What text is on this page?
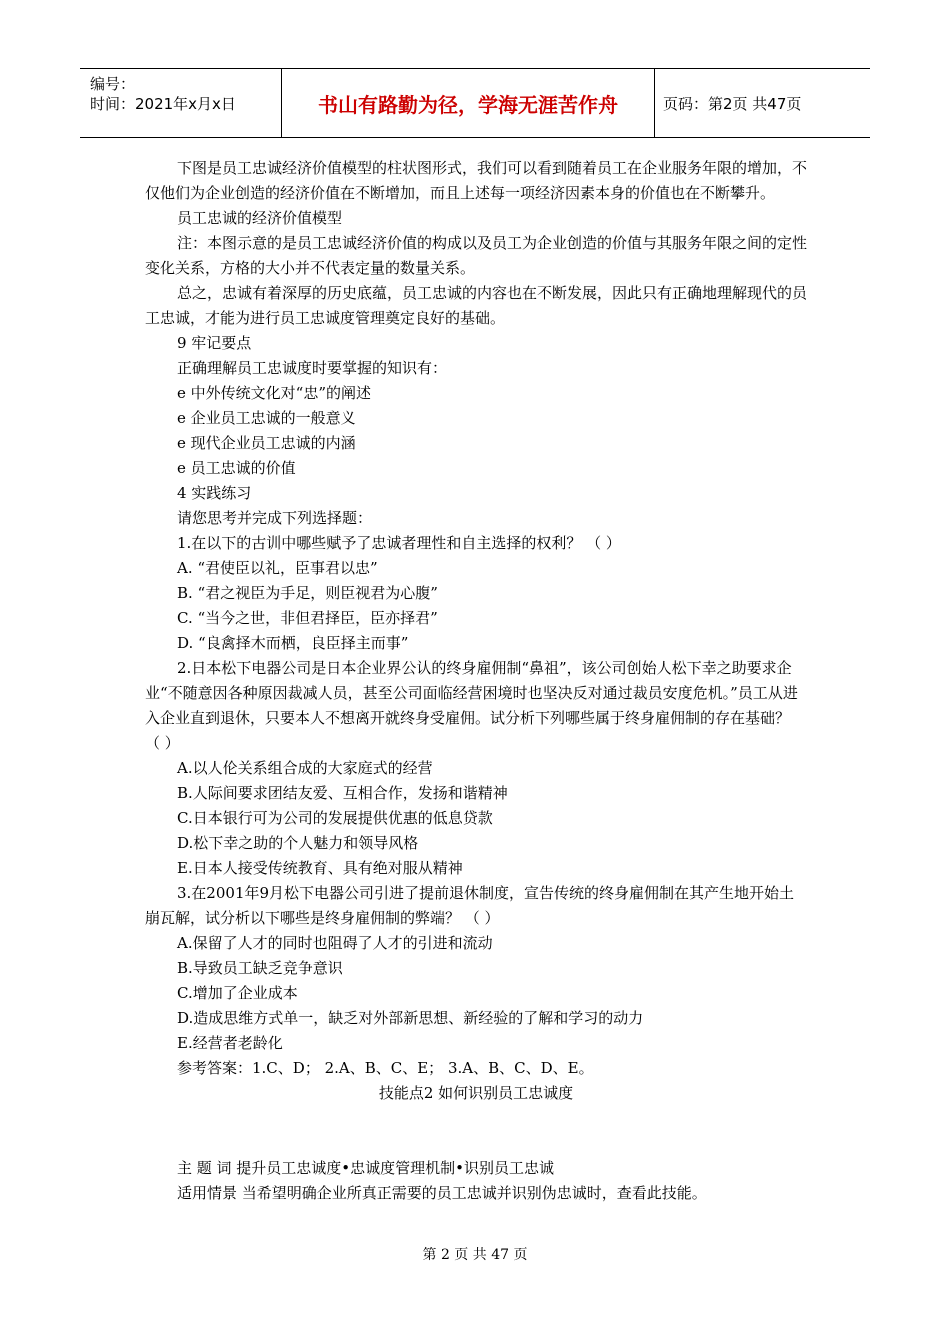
编号：
时间：2021年x月x日	书山有路勤为径，学海无涯苦作舟	页码：第2页 共47页

下图是员工忠诚经济价值模型的柱状图形式，我们可以看到随着员工在企业服务年限的增加，不仅他们为企业创造的经济价值在不断增加，而且上述每一项经济因素本身的价值也在不断攀升。

员工忠诚的经济价值模型

注：本图示意的是员工忠诚经济价值的构成以及员工为企业创造的价值与其服务年限之间的定性变化关系，方格的大小并不代表定量的数量关系。

总之，忠诚有着深厚的历史底蕴，员工忠诚的内容也在不断发展，因此只有正确地理解现代的员工忠诚，才能为进行员工忠诚度管理奠定良好的基础。

9 牢记要点

正确理解员工忠诚度时要掌握的知识有：

e 中外传统文化对“忠”的阐述

e 企业员工忠诚的一般意义

e 现代企业员工忠诚的内涵

e 员工忠诚的价值

4 实践练习

请您思考并完成下列选择题：

1.在以下的古训中哪些赋予了忠诚者理性和自主选择的权利？ （ ）

A. “君使臣以礼，臣事君以忠”

B. “君之视臣为手足，则臣视君为心腹”

C. “当今之世，非但君择臣，臣亦择君”

D. “良禽择木而栖，良臣择主而事”

2.日本松下电器公司是日本企业界公认的终身雇佣制“鼻祖”，该公司创始人松下幸之助要求企业“不随意因各种原因裁减人员，甚至公司面临经营困境时也坚决反对通过裁员安度危机。”员工从进入企业直到退休，只要本人不想离开就终身受雇佣。试分析下列哪些属于终身雇佣制的存在基础？ （ ）

A.以人伦关系组合成的大家庭式的经营

B.人际间要求团结友爱、互相合作，发扬和谐精神

C.日本银行可为公司的发展提供优惠的低息贷款

D.松下幸之助的个人魅力和领导风格

E.日本人接受传统教育、具有绝对服从精神

3.在2001年9月松下电器公司引进了提前退休制度，宣告传统的终身雇佣制在其产生地开始土崩瓦解，试分析以下哪些是终身雇佣制的弊端？ （ ）

A.保留了人才的同时也阻碍了人才的引进和流动

B.导致员工缺乏竞争意识

C.增加了企业成本

D.造成思维方式单一，缺乏对外部新思想、新经验的了解和学习的动力

E.经营者老龄化

参考答案：1.C、D； 2.A、B、C、E； 3.A、B、C、D、E。

技能点2 如何识别员工忠诚度

主 题 词 提升员工忠诚度•忠诚度管理机制•识别员工忠诚

适用情景 当希望明确企业所真正需要的员工忠诚并识别伪忠诚时，查看此技能。

第 2 页 共 47 页
